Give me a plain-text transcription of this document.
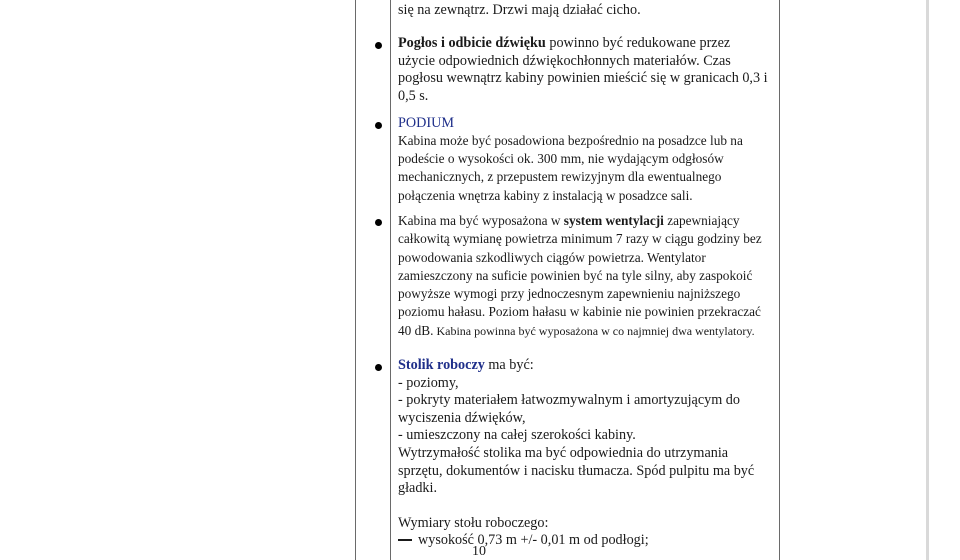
się na zewnątrz. Drzwi mają działać cicho.

Pogłos i odbicie dźwięku powinno być redukowane przez użycie odpowiednich dźwiękochłonnych materiałów. Czas pogłosu wewnątrz kabiny powinien mieścić się w granicach 0,3 i 0,5 s.

PODIUM

Kabina może być posadowiona bezpośrednio na posadzce lub na podeście o wysokości ok. 300 mm, nie wydającym odgłosów mechanicznych, z przepustem rewizyjnym dla ewentualnego połączenia wnętrza kabiny z instalacją w posadzce sali.

Kabina ma być wyposażona w system wentylacji zapewniający całkowitą wymianę powietrza minimum 7 razy w ciągu godziny bez powodowania szkodliwych ciągów powietrza. Wentylator zamieszczony na suficie powinien być na tyle silny, aby zaspokoić powyższe wymogi przy jednoczesnym zapewnieniu najniższego poziomu hałasu. Poziom hałasu w kabinie nie powinien przekraczać 40 dB. Kabina powinna być wyposażona w co najmniej dwa wentylatory.

Stolik roboczy ma być:
- poziomy,
- pokryty materiałem łatwozmywalnym i amortyzującym do wyciszenia dźwięków,
- umieszczony na całej szerokości kabiny.
Wytrzymałość stolika ma być odpowiednia do utrzymania sprzętu, dokumentów i nacisku tłumacza. Spód pulpitu ma być gładki.
Wymiary stołu roboczego:
wysokość 0,73 m +/- 0,01 m od podłogi;
10
